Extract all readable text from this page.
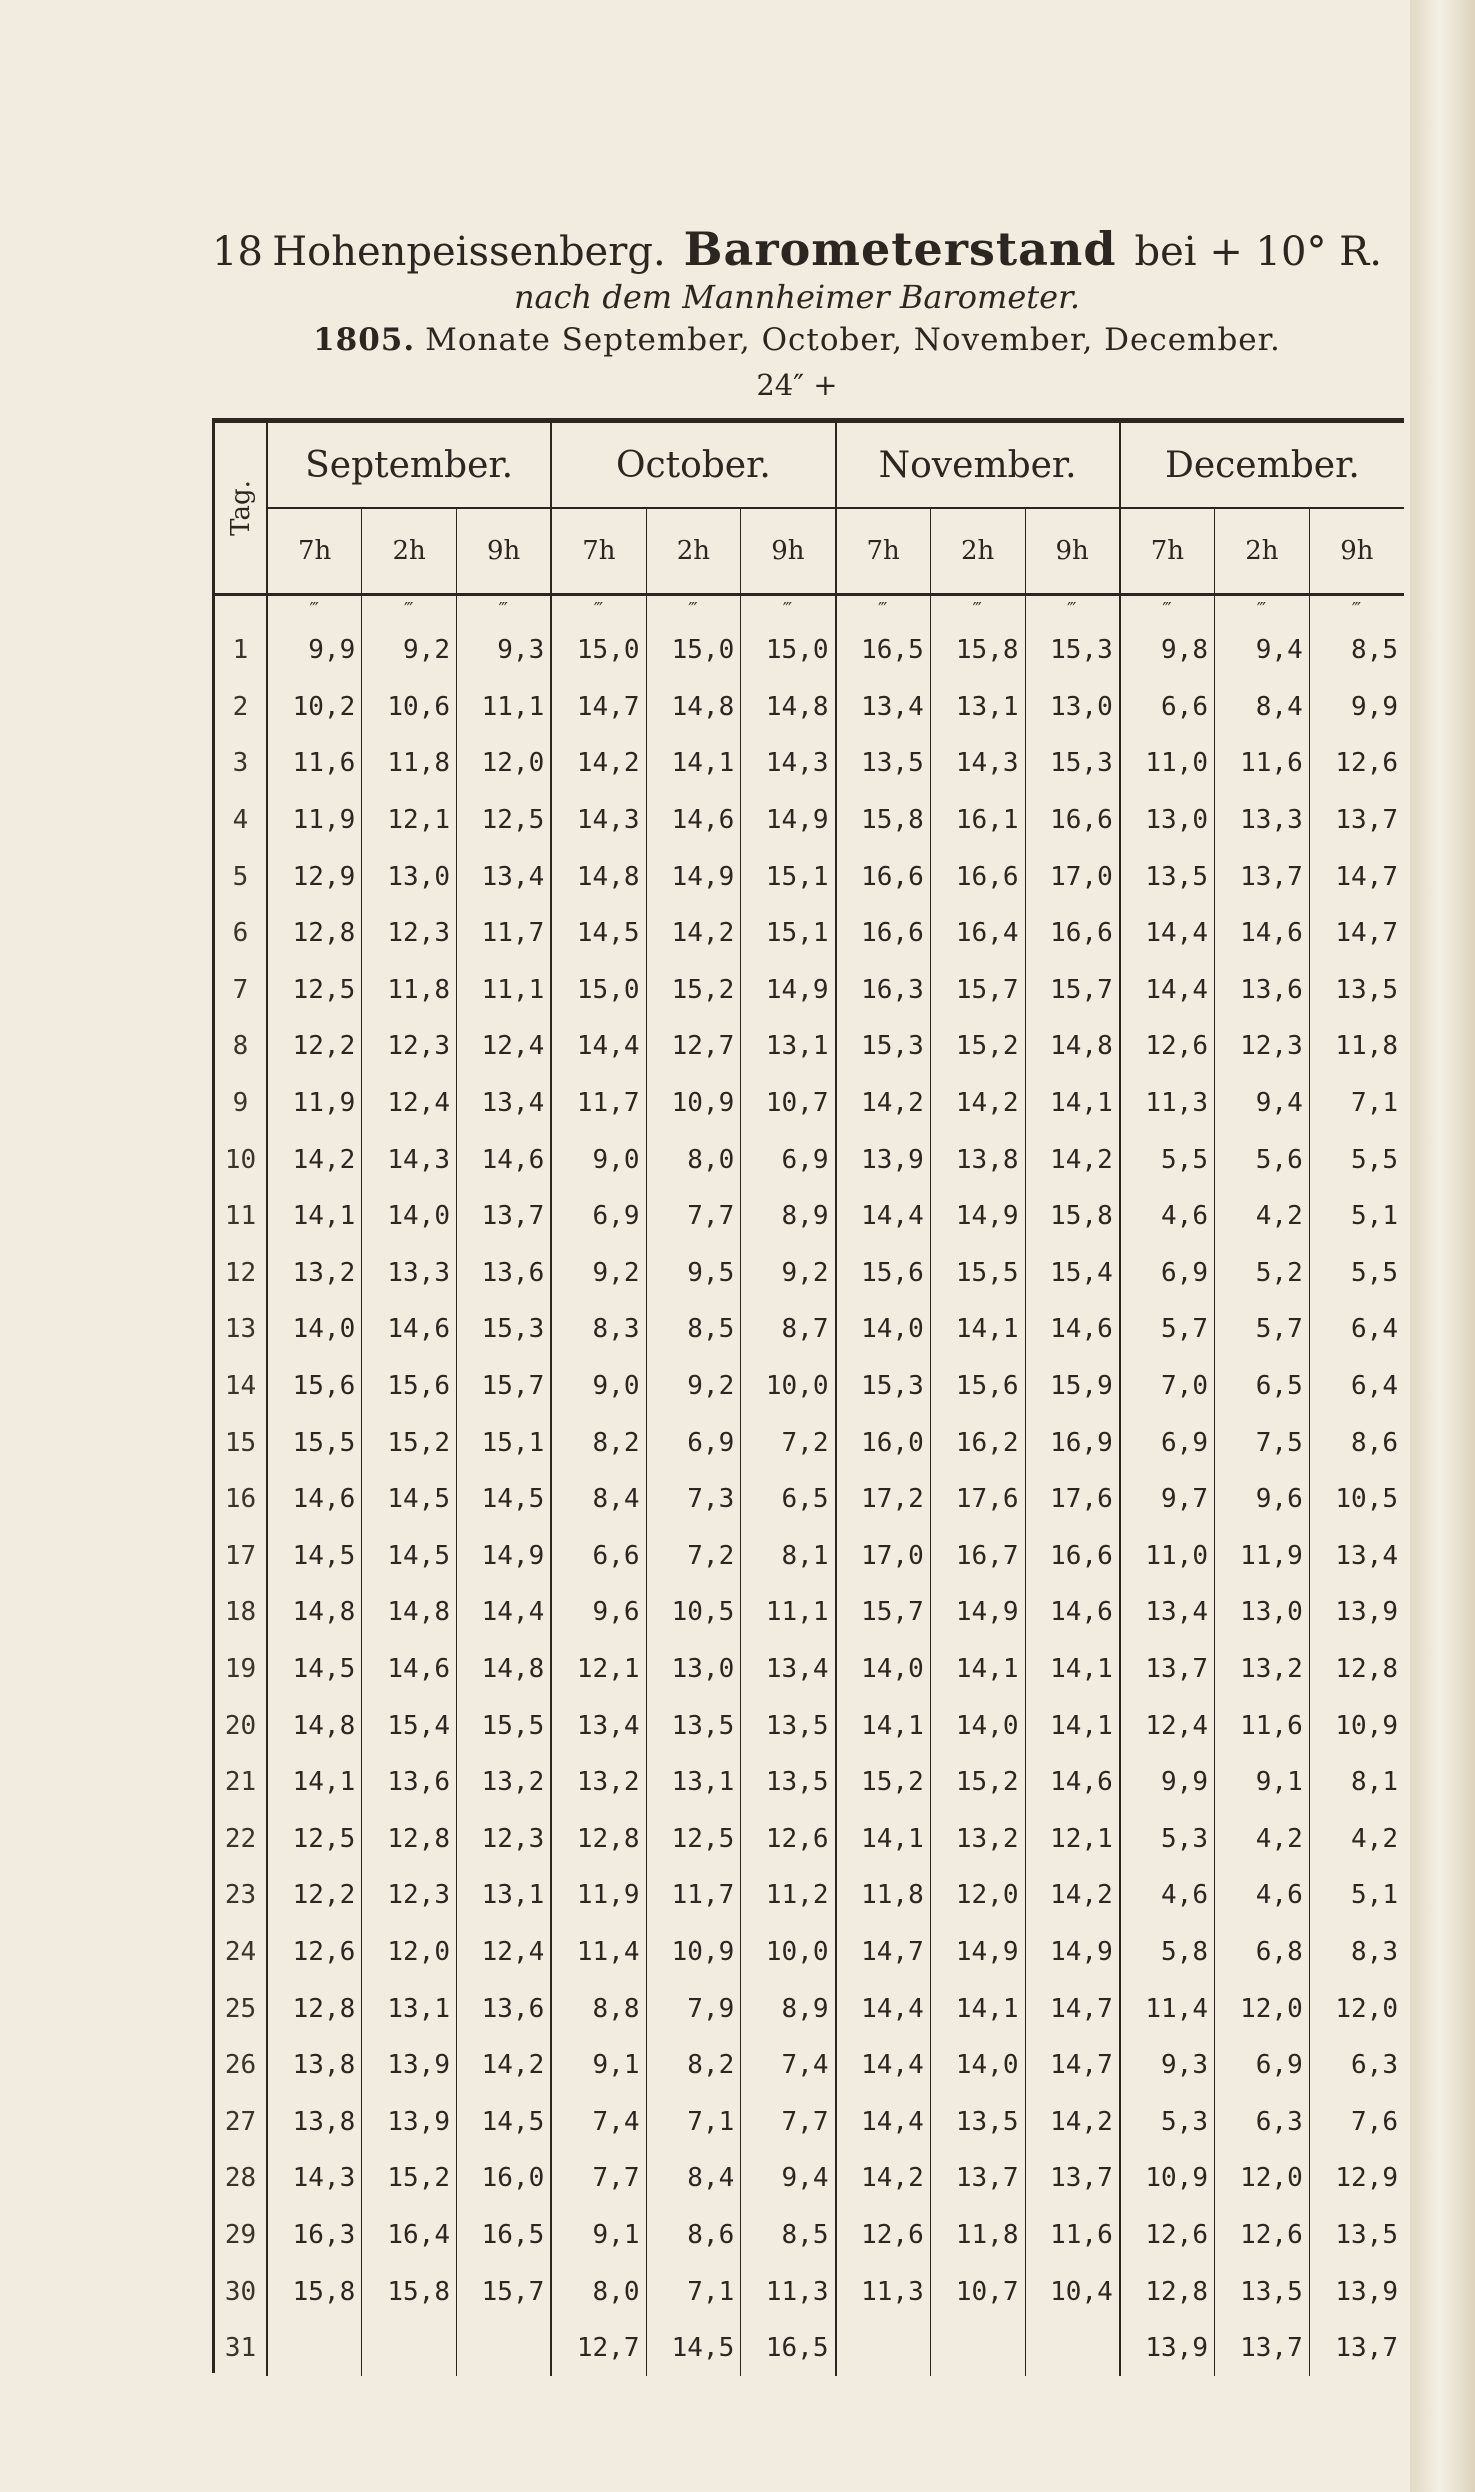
18 Hohenpeissenberg. Barometerstand bei + 10° R.
nach dem Mannheimer Barometer.
1805. Monate September, October, November, December.
24″ +
Tag.	September.			October.			November.			December.		
	7h	2h	9h	7h	2h	9h	7h	2h	9h	7h	2h	9h
	‴	‴	‴	‴	‴	‴	‴	‴	‴	‴	‴	‴
1	9,9	9,2	9,3	15,0	15,0	15,0	16,5	15,8	15,3	9,8	9,4	8,5
2	10,2	10,6	11,1	14,7	14,8	14,8	13,4	13,1	13,0	6,6	8,4	9,9
3	11,6	11,8	12,0	14,2	14,1	14,3	13,5	14,3	15,3	11,0	11,6	12,6
4	11,9	12,1	12,5	14,3	14,6	14,9	15,8	16,1	16,6	13,0	13,3	13,7
5	12,9	13,0	13,4	14,8	14,9	15,1	16,6	16,6	17,0	13,5	13,7	14,7
6	12,8	12,3	11,7	14,5	14,2	15,1	16,6	16,4	16,6	14,4	14,6	14,7
7	12,5	11,8	11,1	15,0	15,2	14,9	16,3	15,7	15,7	14,4	13,6	13,5
8	12,2	12,3	12,4	14,4	12,7	13,1	15,3	15,2	14,8	12,6	12,3	11,8
9	11,9	12,4	13,4	11,7	10,9	10,7	14,2	14,2	14,1	11,3	9,4	7,1
10	14,2	14,3	14,6	9,0	8,0	6,9	13,9	13,8	14,2	5,5	5,6	5,5
11	14,1	14,0	13,7	6,9	7,7	8,9	14,4	14,9	15,8	4,6	4,2	5,1
12	13,2	13,3	13,6	9,2	9,5	9,2	15,6	15,5	15,4	6,9	5,2	5,5
13	14,0	14,6	15,3	8,3	8,5	8,7	14,0	14,1	14,6	5,7	5,7	6,4
14	15,6	15,6	15,7	9,0	9,2	10,0	15,3	15,6	15,9	7,0	6,5	6,4
15	15,5	15,2	15,1	8,2	6,9	7,2	16,0	16,2	16,9	6,9	7,5	8,6
16	14,6	14,5	14,5	8,4	7,3	6,5	17,2	17,6	17,6	9,7	9,6	10,5
17	14,5	14,5	14,9	6,6	7,2	8,1	17,0	16,7	16,6	11,0	11,9	13,4
18	14,8	14,8	14,4	9,6	10,5	11,1	15,7	14,9	14,6	13,4	13,0	13,9
19	14,5	14,6	14,8	12,1	13,0	13,4	14,0	14,1	14,1	13,7	13,2	12,8
20	14,8	15,4	15,5	13,4	13,5	13,5	14,1	14,0	14,1	12,4	11,6	10,9
21	14,1	13,6	13,2	13,2	13,1	13,5	15,2	15,2	14,6	9,9	9,1	8,1
22	12,5	12,8	12,3	12,8	12,5	12,6	14,1	13,2	12,1	5,3	4,2	4,2
23	12,2	12,3	13,1	11,9	11,7	11,2	11,8	12,0	14,2	4,6	4,6	5,1
24	12,6	12,0	12,4	11,4	10,9	10,0	14,7	14,9	14,9	5,8	6,8	8,3
25	12,8	13,1	13,6	8,8	7,9	8,9	14,4	14,1	14,7	11,4	12,0	12,0
26	13,8	13,9	14,2	9,1	8,2	7,4	14,4	14,0	14,7	9,3	6,9	6,3
27	13,8	13,9	14,5	7,4	7,1	7,7	14,4	13,5	14,2	5,3	6,3	7,6
28	14,3	15,2	16,0	7,7	8,4	9,4	14,2	13,7	13,7	10,9	12,0	12,9
29	16,3	16,4	16,5	9,1	8,6	8,5	12,6	11,8	11,6	12,6	12,6	13,5
30	15,8	15,8	15,7	8,0	7,1	11,3	11,3	10,7	10,4	12,8	13,5	13,9
31				12,7	14,5	16,5				13,9	13,7	13,7
